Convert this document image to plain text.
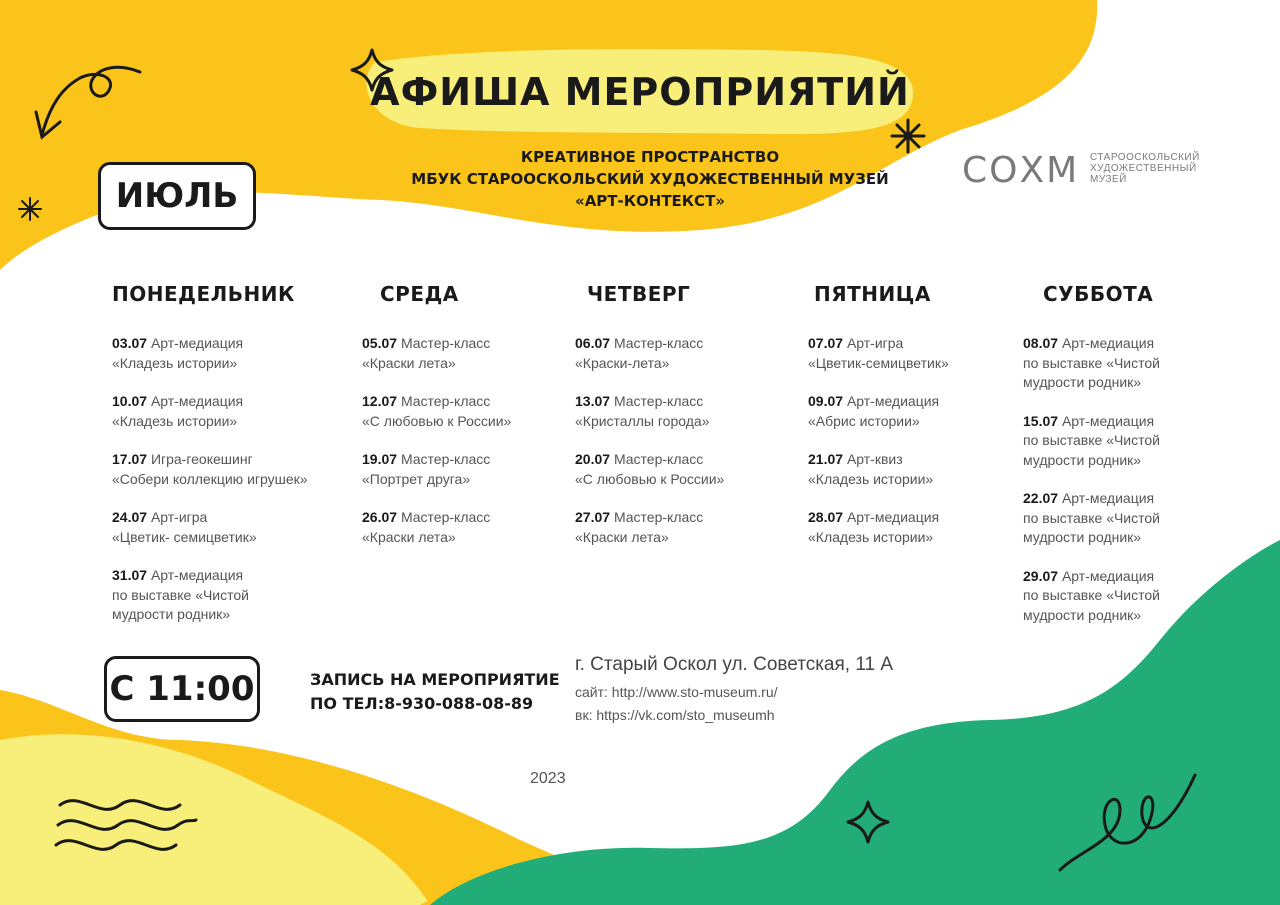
АФИША МЕРОПРИЯТИЙ
КРЕАТИВНОЕ ПРОСТРАНСТВО
МБУК СТАРООСКОЛЬСКИЙ ХУДОЖЕСТВЕННЫЙ МУЗЕЙ
«АРТ-КОНТЕКСТ»
СОХМ СТАРООСКОЛЬСКИЙ
ХУДОЖЕСТВЕННЫЙ
МУЗЕЙ
ИЮЛЬ
ПОНЕДЕЛЬНИК
03.07 Арт-медиация
«Кладезь истории»
10.07 Арт-медиация
«Кладезь истории»
17.07 Игра-геокешинг
«Собери коллекцию игрушек»
24.07 Арт-игра
«Цветик- семицветик»
31.07 Арт-медиация
по выставке «Чистой
мудрости родник»
СРЕДА
05.07 Мастер-класс
«Краски лета»
12.07 Мастер-класс
«С любовью к России»
19.07 Мастер-класс
«Портрет друга»
26.07 Мастер-класс
«Краски лета»
ЧЕТВЕРГ
06.07 Мастер-класс
«Краски-лета»
13.07 Мастер-класс
«Кристаллы города»
20.07 Мастер-класс
«С любовью к России»
27.07 Мастер-класс
«Краски лета»
ПЯТНИЦА
07.07 Арт-игра
«Цветик-семицветик»
09.07 Арт-медиация
«Абрис истории»
21.07 Арт-квиз
«Кладезь истории»
28.07 Арт-медиация
«Кладезь истории»
СУББОТА
08.07 Арт-медиация
по выставке «Чистой
мудрости родник»
15.07 Арт-медиация
по выставке «Чистой
мудрости родник»
22.07 Арт-медиация
по выставке «Чистой
мудрости родник»
29.07 Арт-медиация
по выставке «Чистой
мудрости родник»
С 11:00	ЗАПИСЬ НА МЕРОПРИЯТИЕ
ПО ТЕЛ:8-930-088-08-89
г. Старый Оскол ул. Советская, 11 А
сайт: http://www.sto-museum.ru/
вк: https://vk.com/sto_museumh
2023
